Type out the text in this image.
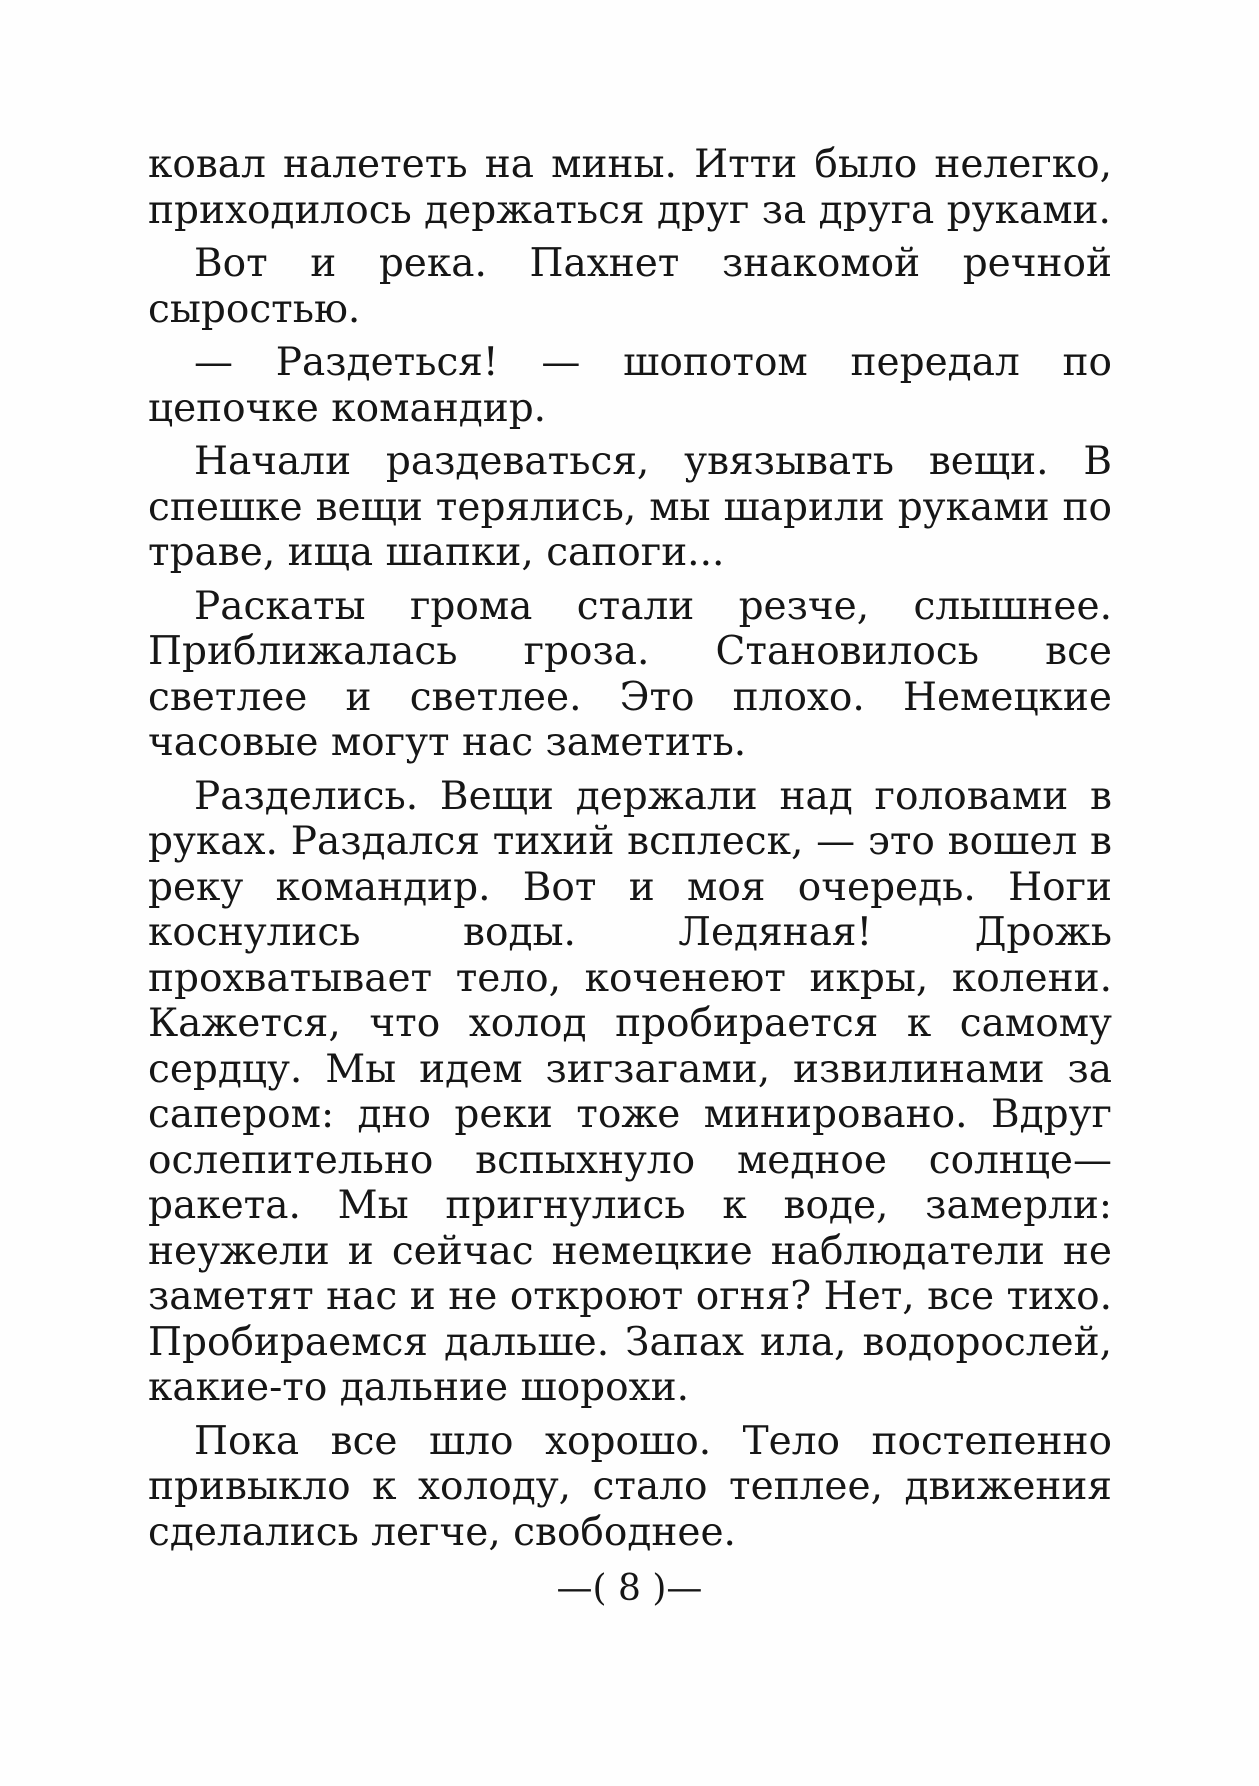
ковал налететь на мины. Итти было нелегко, приходилось держаться друг за друга руками.

Вот и река. Пахнет знакомой речной сыростью.

— Раздеться! — шопотом передал по цепочке командир.

Начали раздеваться, увязывать вещи. В спешке вещи терялись, мы шарили руками по траве, ища шапки, сапоги...

Раскаты грома стали резче, слышнее. Приближалась гроза. Становилось все светлее и светлее. Это плохо. Немецкие часовые могут нас заметить.

Разделись. Вещи держали над головами в руках. Раздался тихий всплеск, — это вошел в реку командир. Вот и моя очередь. Ноги коснулись воды. Ледяная! Дрожь прохватывает тело, коченеют икры, колени. Кажется, что холод пробирается к самому сердцу. Мы идем зигзагами, извилинами за сапером: дно реки тоже минировано. Вдруг ослепительно вспыхнуло медное солнце—ракета. Мы пригнулись к воде, замерли: неужели и сейчас немецкие наблюдатели не заметят нас и не откроют огня? Нет, все тихо. Пробираемся дальше. Запах ила, водорослей, какие-то дальние шорохи.

Пока все шло хорошо. Тело постепенно привыкло к холоду, стало теплее, движения сделались легче, свободнее.

—( 8 )—
